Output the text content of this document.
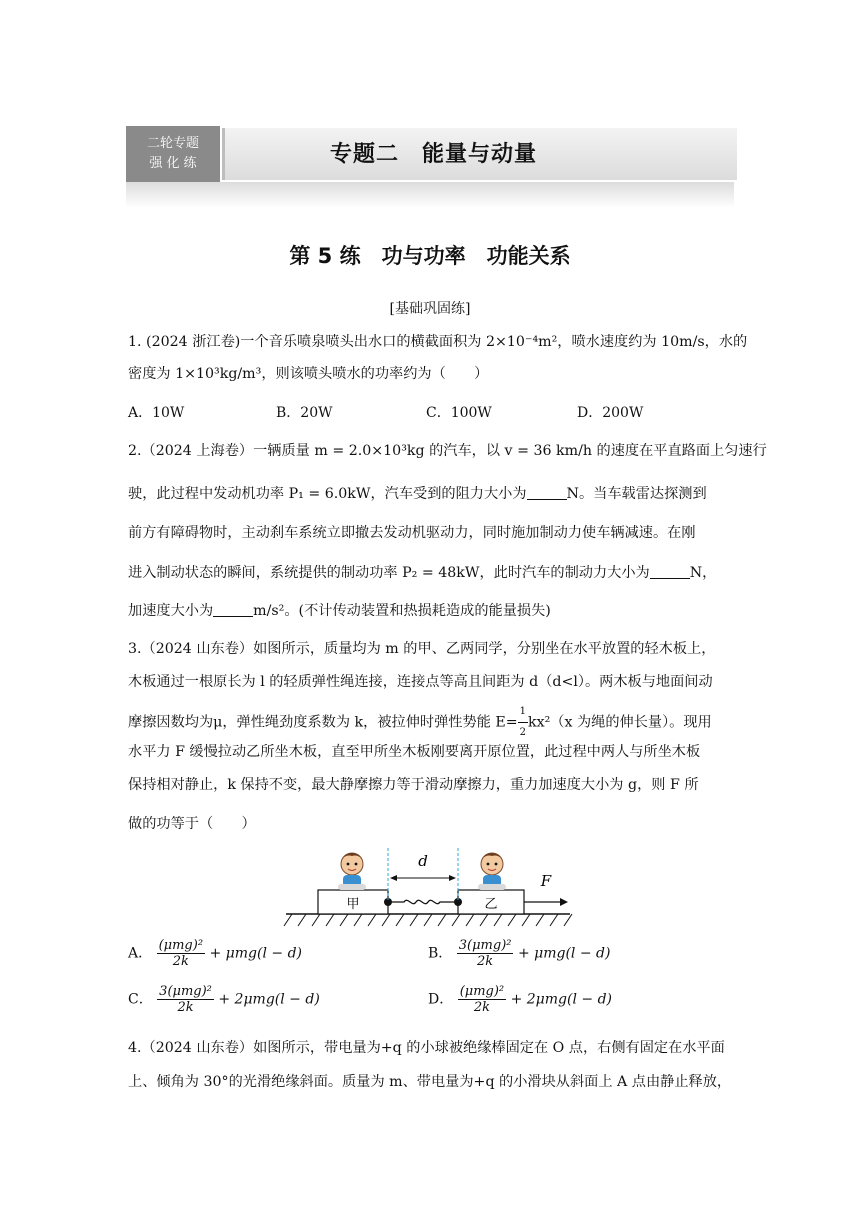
二轮专题
强 化 练	专题二　能量与动量
第 5 练　功与功率　功能关系
[基础巩固练]
1. (2024 浙江卷)一个音乐喷泉喷头出水口的横截面积为 2×10⁻⁴m²，喷水速度约为 10m/s，水的
密度为 1×10³kg/m³，则该喷头喷水的功率约为（　　）
A．10W	B．20W	C．100W	D．200W
2.（2024 上海卷）一辆质量 m = 2.0×10³kg 的汽车，以 v = 36 km/h 的速度在平直路面上匀速行
驶，此过程中发动机功率 P₁ = 6.0kW，汽车受到的阻力大小为	N。当车载雷达探测到
前方有障碍物时，主动刹车系统立即撤去发动机驱动力，同时施加制动力使车辆减速。在刚
进入制动状态的瞬间，系统提供的制动功率 P₂ = 48kW，此时汽车的制动力大小为	N，
加速度大小为	m/s²。(不计传动装置和热损耗造成的能量损失)
3.（2024 山东卷）如图所示，质量均为 m 的甲、乙两同学，分别坐在水平放置的轻木板上，
木板通过一根原长为 l 的轻质弹性绳连接，连接点等高且间距为 d（d<l）。两木板与地面间动
摩擦因数均为μ，弹性绳劲度系数为 k，被拉伸时弹性势能 $E= \frac{1}{2} kx^2(x$ 为绳的伸长量）。现用
水平力 F 缓慢拉动乙所坐木板，直至甲所坐木板刚要离开原位置，此过程中两人与所坐木板
保持相对静止，k 保持不变，最大静摩擦力等于滑动摩擦力，重力加速度大小为 g，则 F 所
做的功等于（　　）
甲	乙
d
F
A． $\frac{\text{(μmg)²}}{2k} + \mu mg(l - d)$	B． $\frac{\text{3(μmg)²}}{2k} + \mu mg(l - d)$
C． $\frac{\text{3(μmg)²}}{2k} + 2\mu mg(l - d)$	D． $\frac{\text{(μmg)²}}{2k} + 2\mu mg(l - d)$
4.（2024 山东卷）如图所示，带电量为+q 的小球被绝缘棒固定在 O 点，右侧有固定在水平面
上、倾角为 30°的光滑绝缘斜面。质量为 m、带电量为+q 的小滑块从斜面上 A 点由静止释放，
